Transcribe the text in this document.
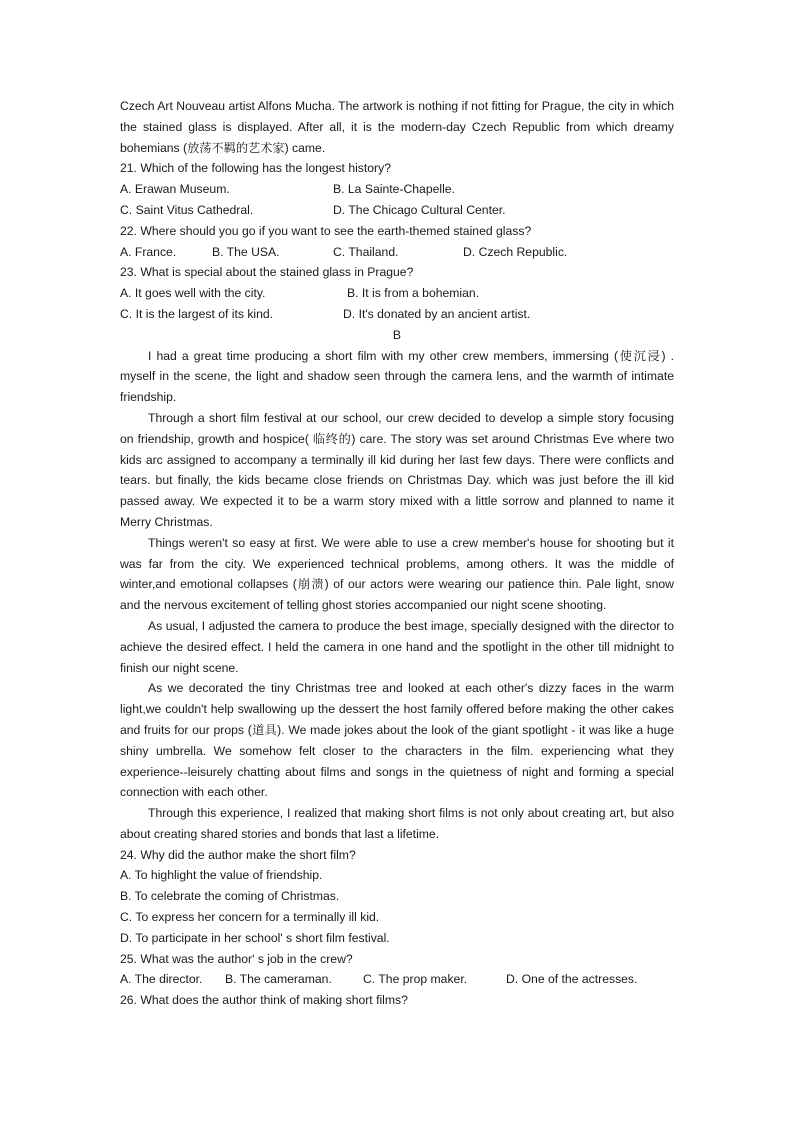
Czech Art Nouveau artist Alfons Mucha. The artwork is nothing if not fitting for Prague, the city in which the stained glass is displayed. After all, it is the modern-day Czech Republic from which dreamy bohemians (放荡不羁的艺术家) came.

21. Which of the following has the longest history?

A. Erawan Museum.	B. La Sainte-Chapelle.
C. Saint Vitus Cathedral.	D. The Chicago Cultural Center.

22. Where should you go if you want to see the earth-themed stained glass?

A. France.	B. The USA.	C. Thailand.	D. Czech Republic.

23. What is special about the stained glass in Prague?

A. It goes well with the city.	B. It is from a bohemian.
C. It is the largest of its kind.	D. It's donated by an ancient artist.

B

I had a great time producing a short film with my other crew members, immersing (使沉浸) . myself in the scene, the light and shadow seen through the camera lens, and the warmth of intimate friendship.

Through a short film festival at our school, our crew decided to develop a simple story focusing on friendship, growth and hospice( 临终的) care. The story was set around Christmas Eve where two kids arc assigned to accompany a terminally ill kid during her last few days. There were conflicts and tears. but finally, the kids became close friends on Christmas Day. which was just before the ill kid passed away. We expected it to be a warm story mixed with a little sorrow and planned to name it Merry Christmas.

Things weren't so easy at first. We were able to use a crew member's house for shooting but it was far from the city. We experienced technical problems, among others. It was the middle of winter,and emotional collapses (崩溃) of our actors were wearing our patience thin. Pale light, snow and the nervous excitement of telling ghost stories accompanied our night scene shooting.

As usual, I adjusted the camera to produce the best image, specially designed with the director to achieve the desired effect. I held the camera in one hand and the spotlight in the other till midnight to finish our night scene.

As we decorated the tiny Christmas tree and looked at each other's dizzy faces in the warm light,we couldn't help swallowing up the dessert the host family offered before making the other cakes and fruits for our props (道具). We made jokes about the look of the giant spotlight - it was like a huge shiny umbrella. We somehow felt closer to the characters in the film. experiencing what they experience--leisurely chatting about films and songs in the quietness of night and forming a special connection with each other.

Through this experience, I realized that making short films is not only about creating art, but also about creating shared stories and bonds that last a lifetime.

24. Why did the author make the short film?

A. To highlight the value of friendship.

B. To celebrate the coming of Christmas.

C. To express her concern for a terminally ill kid.

D. To participate in her school' s short film festival.

25. What was the author' s job in the crew?

A. The director.	B. The cameraman.	C. The prop maker.	D. One of the actresses.

26. What does the author think of making short films?
